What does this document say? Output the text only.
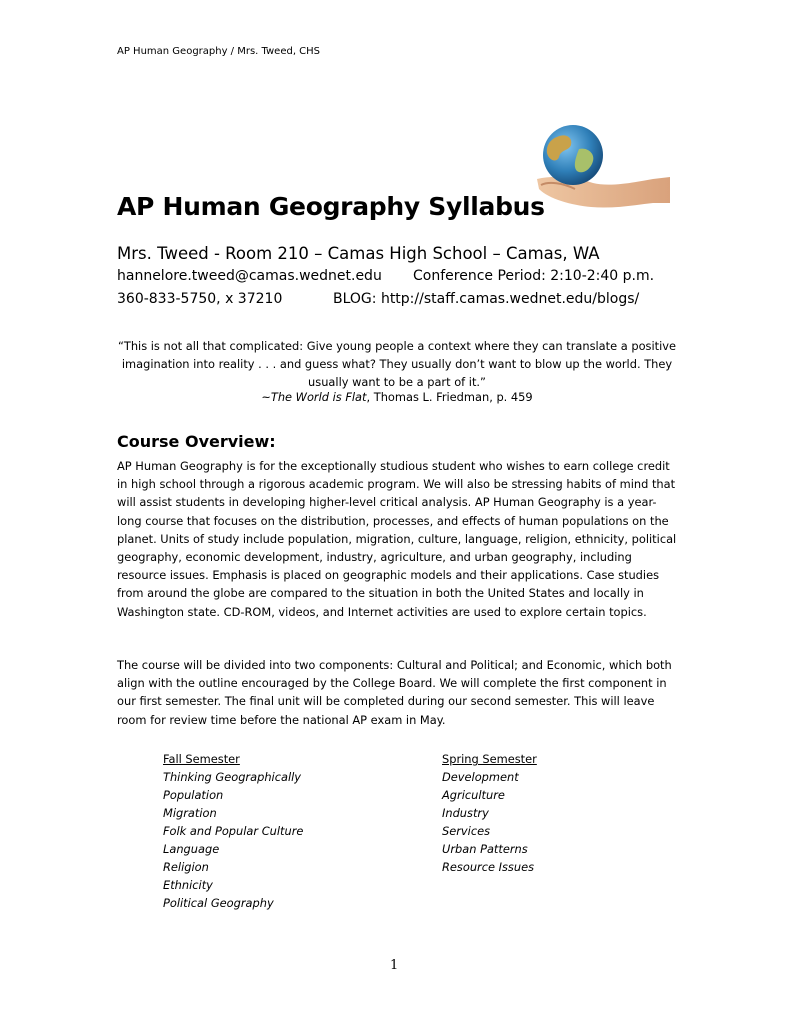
AP Human Geography / Mrs. Tweed, CHS

AP Human Geography Syllabus

Mrs. Tweed - Room 210 – Camas High School – Camas, WA

hannelore.tweed@camas.wednet.edu Conference Period: 2:10-2:40 p.m.

360-833-5750, x 37210	BLOG: http://staff.camas.wednet.edu/blogs/

“This is not all that complicated: Give young people a context where they can translate a positive imagination into reality . . . and guess what? They usually don’t want to blow up the world. They usually want to be a part of it.”

~The World is Flat, Thomas L. Friedman, p. 459

Course Overview:

AP Human Geography is for the exceptionally studious student who wishes to earn college credit in high school through a rigorous academic program. We will also be stressing habits of mind that will assist students in developing higher-level critical analysis. AP Human Geography is a year-long course that focuses on the distribution, processes, and effects of human populations on the planet. Units of study include population, migration, culture, language, religion, ethnicity, political geography, economic development, industry, agriculture, and urban geography, including resource issues. Emphasis is placed on geographic models and their applications. Case studies from around the globe are compared to the situation in both the United States and locally in Washington state. CD-ROM, videos, and Internet activities are used to explore certain topics.

The course will be divided into two components: Cultural and Political; and Economic, which both align with the outline encouraged by the College Board. We will complete the first component in our first semester. The final unit will be completed during our second semester. This will leave room for review time before the national AP exam in May.

Fall Semester
Thinking Geographically
Population
Migration
Folk and Popular Culture
Language
Religion
Ethnicity
Political Geography
Spring Semester
Development
Agriculture
Industry
Services
Urban Patterns
Resource Issues

1
